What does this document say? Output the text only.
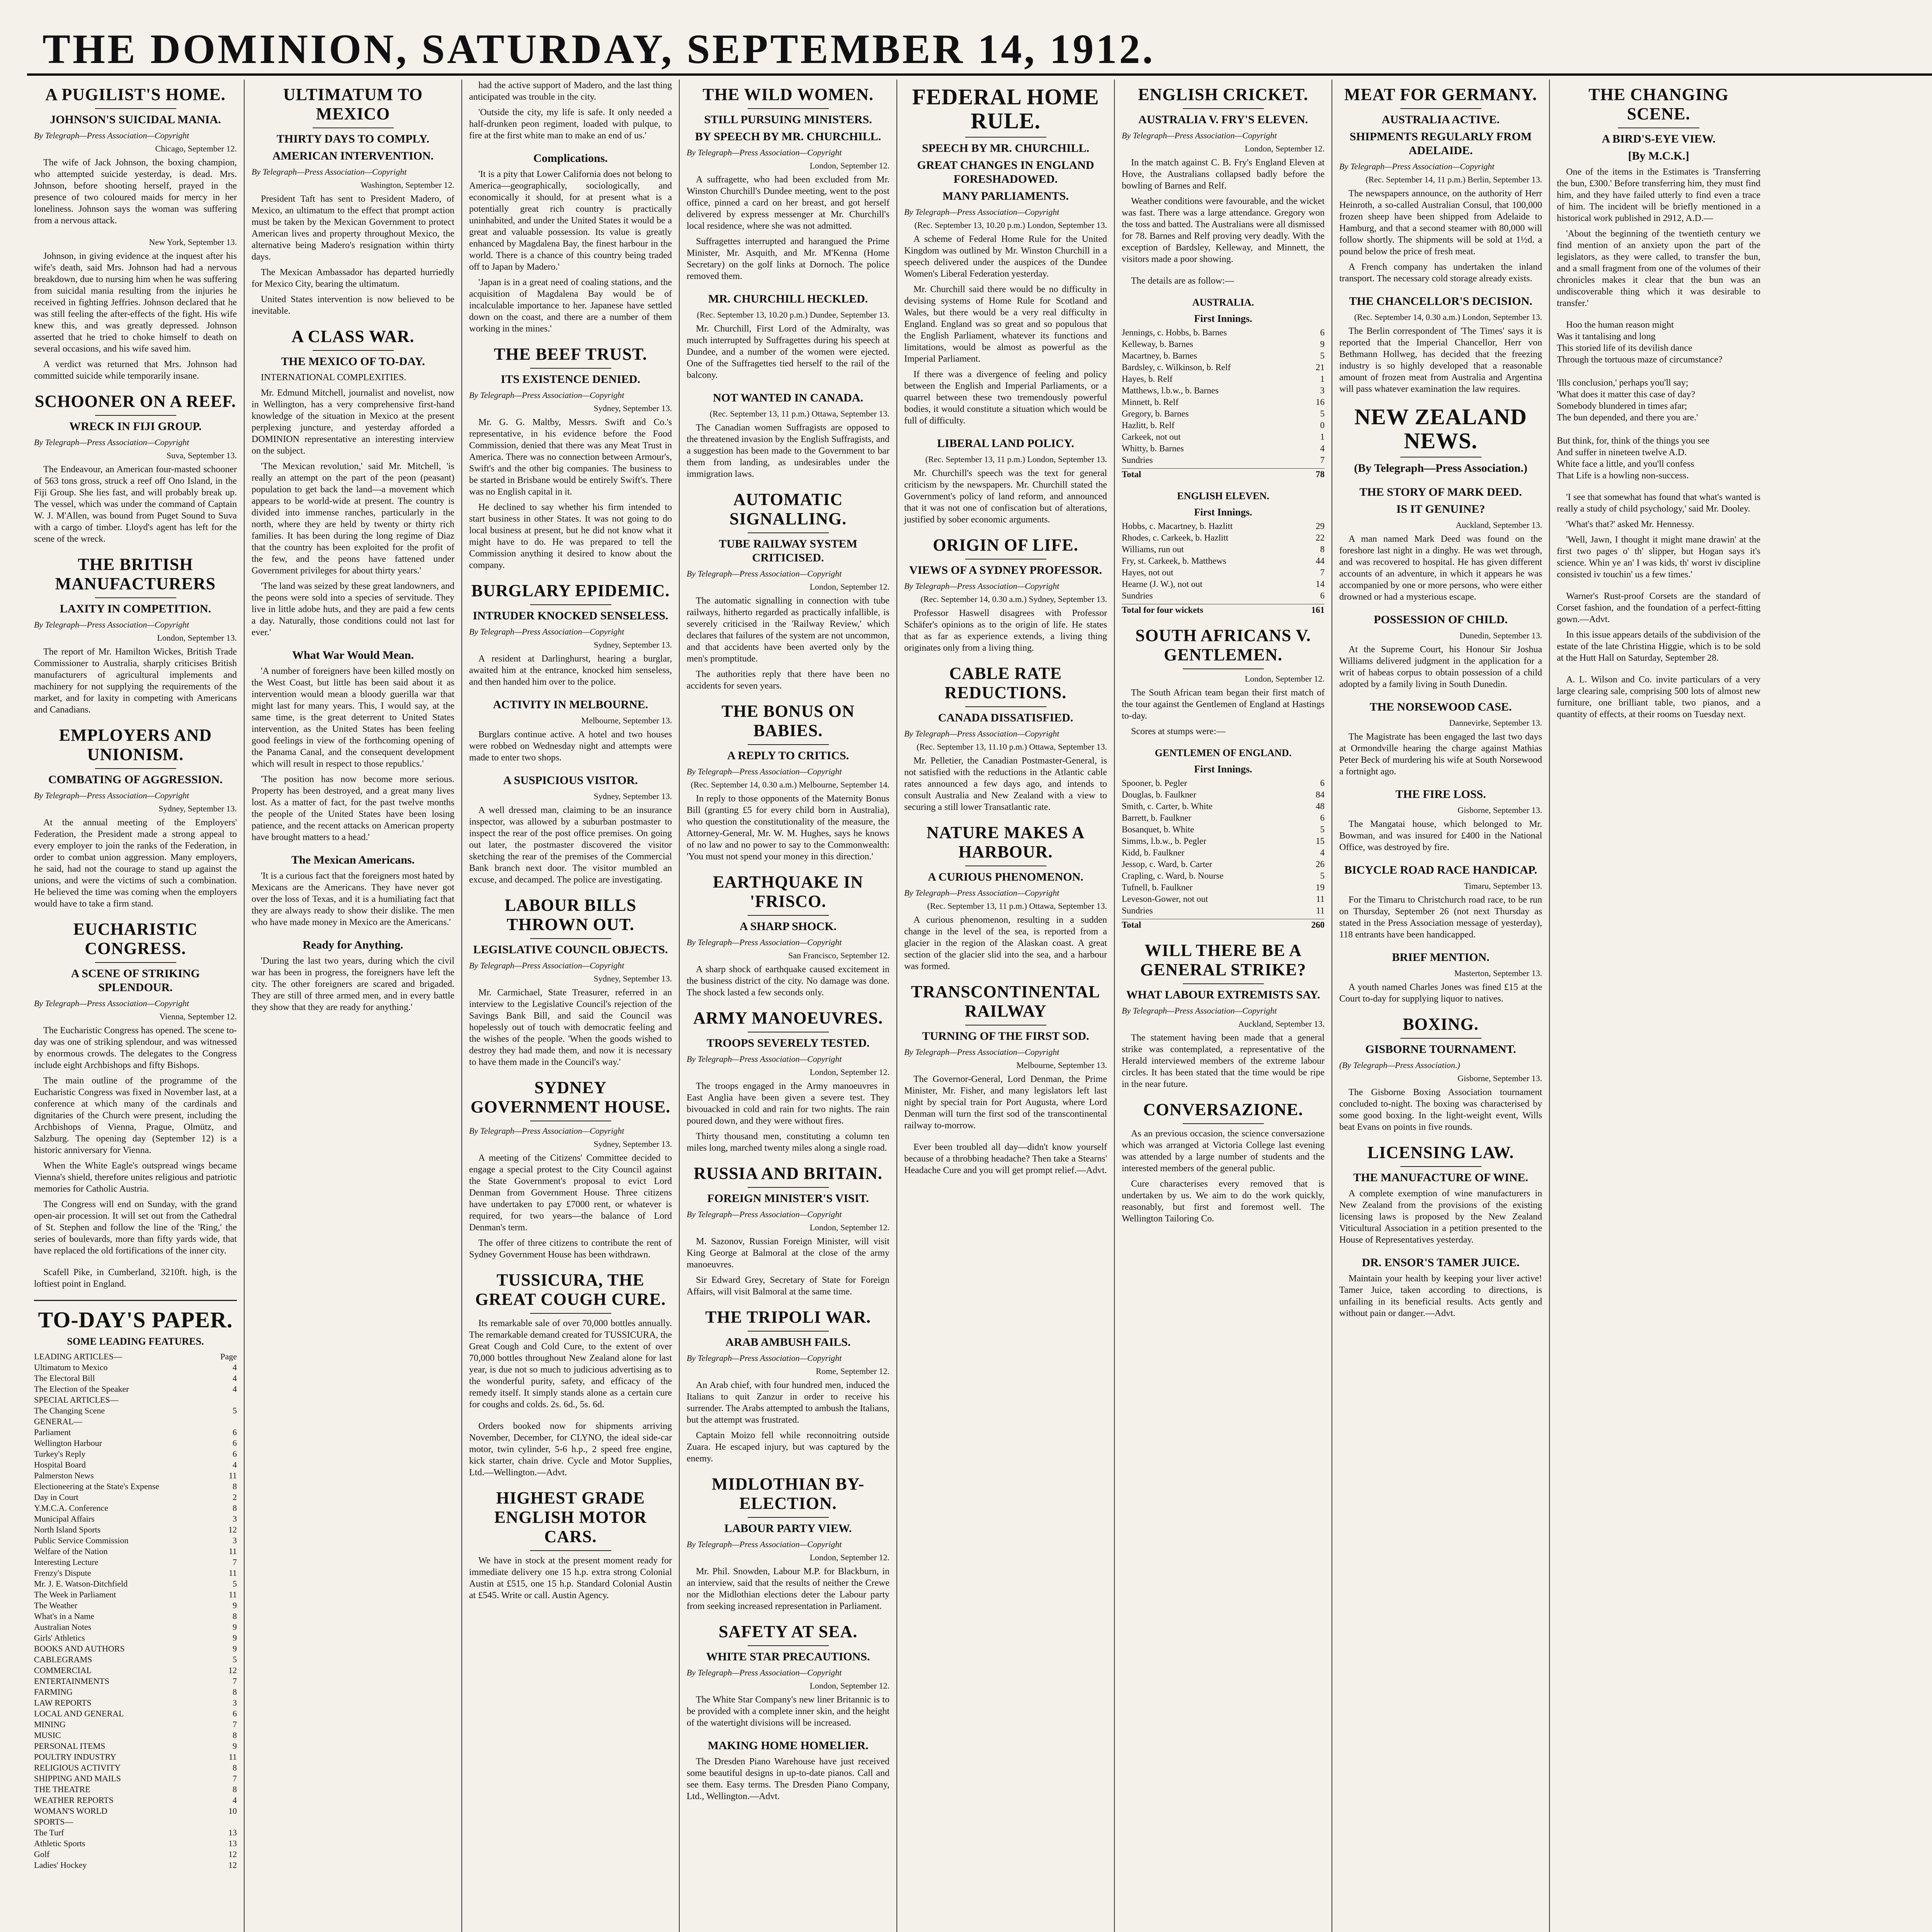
THE DOMINION, SATURDAY, SEPTEMBER 14, 1912.
A PUGILIST'S HOME.
JOHNSON'S SUICIDAL MANIA.
By Telegraph—Press Association—Copyright
Chicago, September 12.

The wife of Jack Johnson, the boxing champion, who attempted suicide yesterday, is dead. Mrs. Johnson, before shooting herself, prayed in the presence of two coloured maids for mercy in her loneliness. Johnson says the woman was suffering from a nervous attack.

New York, September 13.

Johnson, in giving evidence at the inquest after his wife's death, said Mrs. Johnson had had a nervous breakdown, due to nursing him when he was suffering from suicidal mania resulting from the injuries he received in fighting Jeffries. Johnson declared that he was still feeling the after-effects of the fight. His wife knew this, and was greatly depressed. Johnson asserted that he tried to choke himself to death on several occasions, and his wife saved him.

A verdict was returned that Mrs. Johnson had committed suicide while temporarily insane.

SCHOONER ON A REEF.
WRECK IN FIJI GROUP.
By Telegraph—Press Association—Copyright
Suva, September 13.

The Endeavour, an American four-masted schooner of 563 tons gross, struck a reef off Ono Island, in the Fiji Group. She lies fast, and will probably break up. The vessel, which was under the command of Captain W. J. M'Allen, was bound from Puget Sound to Suva with a cargo of timber. Lloyd's agent has left for the scene of the wreck.

THE BRITISH MANUFACTURERS
LAXITY IN COMPETITION.
By Telegraph—Press Association—Copyright
London, September 13.

The report of Mr. Hamilton Wickes, British Trade Commissioner to Australia, sharply criticises British manufacturers of agricultural implements and machinery for not supplying the requirements of the market, and for laxity in competing with Americans and Canadians.

EMPLOYERS AND UNIONISM.
COMBATING OF AGGRESSION.
By Telegraph—Press Association—Copyright
Sydney, September 13.

At the annual meeting of the Employers' Federation, the President made a strong appeal to every employer to join the ranks of the Federation, in order to combat union aggression. Many employers, he said, had not the courage to stand up against the unions, and were the victims of such a combination. He believed the time was coming when the employers would have to take a firm stand.

EUCHARISTIC CONGRESS.
A SCENE OF STRIKING SPLENDOUR.
By Telegraph—Press Association—Copyright
Vienna, September 12.

The Eucharistic Congress has opened. The scene to-day was one of striking splendour, and was witnessed by enormous crowds. The delegates to the Congress include eight Archbishops and fifty Bishops.

The main outline of the programme of the Eucharistic Congress was fixed in November last, at a conference at which many of the cardinals and dignitaries of the Church were present, including the Archbishops of Vienna, Prague, Olmütz, and Salzburg. The opening day (September 12) is a historic anniversary for Vienna.

When the White Eagle's outspread wings became Vienna's shield, therefore unites religious and patriotic memories for Catholic Austria.

The Congress will end on Sunday, with the grand open-air procession. It will set out from the Cathedral of St. Stephen and follow the line of the 'Ring,' the series of boulevards, more than fifty yards wide, that have replaced the old fortifications of the inner city.

Scafell Pike, in Cumberland, 3210ft. high, is the loftiest point in England.

TO-DAY'S PAPER.
SOME LEADING FEATURES.
LEADING ARTICLES—	Page
Ultimatum to Mexico	4
The Electoral Bill	4
The Election of the Speaker	4
SPECIAL ARTICLES—
The Changing Scene	5
GENERAL—
Parliament	6
Wellington Harbour	6
Turkey's Reply	6
Hospital Board	4
Palmerston News	11
Electioneering at the State's Expense	8
Day in Court	2
Y.M.C.A. Conference	8
Municipal Affairs	3
North Island Sports	12
Public Service Commission	3
Welfare of the Nation	11
Interesting Lecture	7
Frenzy's Dispute	11
Mr. J. E. Watson-Ditchfield	5
The Week in Parliament	11
The Weather	9
What's in a Name	8
Australian Notes	9
Girls' Athletics	9
BOOKS AND AUTHORS	9
CABLEGRAMS	5
COMMERCIAL	12
ENTERTAINMENTS	7
FARMING	8
LAW REPORTS	3
LOCAL AND GENERAL	6
MINING	7
MUSIC	8
PERSONAL ITEMS	9
POULTRY INDUSTRY	11
RELIGIOUS ACTIVITY	8
SHIPPING AND MAILS	7
THE THEATRE	8
WEATHER REPORTS	4
WOMAN'S WORLD	10
SPORTS—
The Turf	13
Athletic Sports	13
Golf	12
Ladies' Hockey	12
ULTIMATUM TO MEXICO
THIRTY DAYS TO COMPLY.
AMERICAN INTERVENTION.
By Telegraph—Press Association—Copyright
Washington, September 12.

President Taft has sent to President Madero, of Mexico, an ultimatum to the effect that prompt action must be taken by the Mexican Government to protect American lives and property throughout Mexico, the alternative being Madero's resignation within thirty days.

The Mexican Ambassador has departed hurriedly for Mexico City, bearing the ultimatum.

United States intervention is now believed to be inevitable.

A CLASS WAR.
THE MEXICO OF TO-DAY.

INTERNATIONAL COMPLEXITIES.

Mr. Edmund Mitchell, journalist and novelist, now in Wellington, has a very comprehensive first-hand knowledge of the situation in Mexico at the present perplexing juncture, and yesterday afforded a DOMINION representative an interesting interview on the subject.

'The Mexican revolution,' said Mr. Mitchell, 'is really an attempt on the part of the peon (peasant) population to get back the land—a movement which appears to be world-wide at present. The country is divided into immense ranches, particularly in the north, where they are held by twenty or thirty rich families. It has been during the long regime of Diaz that the country has been exploited for the profit of the few, and the peons have fattened under Government privileges for about thirty years.'

'The land was seized by these great landowners, and the peons were sold into a species of servitude. They live in little adobe huts, and they are paid a few cents a day. Naturally, those conditions could not last for ever.'

What War Would Mean.

'A number of foreigners have been killed mostly on the West Coast, but little has been said about it as intervention would mean a bloody guerilla war that might last for many years. This, I would say, at the same time, is the great deterrent to United States intervention, as the United States has been feeling good feelings in view of the forthcoming opening of the Panama Canal, and the consequent development which will result in respect to those republics.'

'The position has now become more serious. Property has been destroyed, and a great many lives lost. As a matter of fact, for the past twelve months the people of the United States have been losing patience, and the recent attacks on American property have brought matters to a head.'

The Mexican Americans.

'It is a curious fact that the foreigners most hated by Mexicans are the Americans. They have never got over the loss of Texas, and it is a humiliating fact that they are always ready to show their dislike. The men who have made money in Mexico are the Americans.'

Ready for Anything.

'During the last two years, during which the civil war has been in progress, the foreigners have left the city. The other foreigners are scared and brigaded. They are still of three armed men, and in every battle they show that they are ready for anything.'

had the active support of Madero, and the last thing anticipated was trouble in the city.

'Outside the city, my life is safe. It only needed a half-drunken peon regiment, loaded with pulque, to fire at the first white man to make an end of us.'

Complications.

'It is a pity that Lower California does not belong to America—geographically, sociologically, and economically it should, for at present what is a potentially great rich country is practically uninhabited, and under the United States it would be a great and valuable possession. Its value is greatly enhanced by Magdalena Bay, the finest harbour in the world. There is a chance of this country being traded off to Japan by Madero.'

'Japan is in a great need of coaling stations, and the acquisition of Magdalena Bay would be of incalculable importance to her. Japanese have settled down on the coast, and there are a number of them working in the mines.'

THE BEEF TRUST.
ITS EXISTENCE DENIED.
By Telegraph—Press Association—Copyright
Sydney, September 13.

Mr. G. G. Maltby, Messrs. Swift and Co.'s representative, in his evidence before the Food Commission, denied that there was any Meat Trust in America. There was no connection between Armour's, Swift's and the other big companies. The business to be started in Brisbane would be entirely Swift's. There was no English capital in it.

He declined to say whether his firm intended to start business in other States. It was not going to do local business at present, but he did not know what it might have to do. He was prepared to tell the Commission anything it desired to know about the company.

BURGLARY EPIDEMIC.
INTRUDER KNOCKED SENSELESS.
By Telegraph—Press Association—Copyright
Sydney, September 13.

A resident at Darlinghurst, hearing a burglar, awaited him at the entrance, knocked him senseless, and then handed him over to the police.

ACTIVITY IN MELBOURNE.
Melbourne, September 13.

Burglars continue active. A hotel and two houses were robbed on Wednesday night and attempts were made to enter two shops.

A SUSPICIOUS VISITOR.
Sydney, September 13.

A well dressed man, claiming to be an insurance inspector, was allowed by a suburban postmaster to inspect the rear of the post office premises. On going out later, the postmaster discovered the visitor sketching the rear of the premises of the Commercial Bank branch next door. The visitor mumbled an excuse, and decamped. The police are investigating.

LABOUR BILLS THROWN OUT.
LEGISLATIVE COUNCIL OBJECTS.
By Telegraph—Press Association—Copyright
Sydney, September 13.

Mr. Carmichael, State Treasurer, referred in an interview to the Legislative Council's rejection of the Savings Bank Bill, and said the Council was hopelessly out of touch with democratic feeling and the wishes of the people. 'When the goods wished to destroy they had made them, and now it is necessary to have them made in the Council's way.'

SYDNEY GOVERNMENT HOUSE.
By Telegraph—Press Association—Copyright
Sydney, September 13.

A meeting of the Citizens' Committee decided to engage a special protest to the City Council against the State Government's proposal to evict Lord Denman from Government House. Three citizens have undertaken to pay £7000 rent, or whatever is required, for two years—the balance of Lord Denman's term.

The offer of three citizens to contribute the rent of Sydney Government House has been withdrawn.

TUSSICURA, THE GREAT COUGH CURE.

Its remarkable sale of over 70,000 bottles annually. The remarkable demand created for TUSSICURA, the Great Cough and Cold Cure, to the extent of over 70,000 bottles throughout New Zealand alone for last year, is due not so much to judicious advertising as to the wonderful purity, safety, and efficacy of the remedy itself. It simply stands alone as a certain cure for coughs and colds. 2s. 6d., 5s. 6d.

Orders booked now for shipments arriving November, December, for CLYNO, the ideal side-car motor, twin cylinder, 5-6 h.p., 2 speed free engine, kick starter, chain drive. Cycle and Motor Supplies, Ltd.—Wellington.—Advt.

HIGHEST GRADE ENGLISH MOTOR CARS.

We have in stock at the present moment ready for immediate delivery one 15 h.p. extra strong Colonial Austin at £515, one 15 h.p. Standard Colonial Austin at £545. Write or call. Austin Agency.

THE WILD WOMEN.
STILL PURSUING MINISTERS.
BY SPEECH BY MR. CHURCHILL.
By Telegraph—Press Association—Copyright
London, September 12.

A suffragette, who had been excluded from Mr. Winston Churchill's Dundee meeting, went to the post office, pinned a card on her breast, and got herself delivered by express messenger at Mr. Churchill's local residence, where she was not admitted.

Suffragettes interrupted and harangued the Prime Minister, Mr. Asquith, and Mr. M'Kenna (Home Secretary) on the golf links at Dornoch. The police removed them.

MR. CHURCHILL HECKLED.
(Rec. September 13, 10.20 p.m.) Dundee, September 13.

Mr. Churchill, First Lord of the Admiralty, was much interrupted by Suffragettes during his speech at Dundee, and a number of the women were ejected. One of the Suffragettes tied herself to the rail of the balcony.

NOT WANTED IN CANADA.
(Rec. September 13, 11 p.m.) Ottawa, September 13.

The Canadian women Suffragists are opposed to the threatened invasion by the English Suffragists, and a suggestion has been made to the Government to bar them from landing, as undesirables under the immigration laws.

AUTOMATIC SIGNALLING.
TUBE RAILWAY SYSTEM CRITICISED.
By Telegraph—Press Association—Copyright
London, September 12.

The automatic signalling in connection with tube railways, hitherto regarded as practically infallible, is severely criticised in the 'Railway Review,' which declares that failures of the system are not uncommon, and that accidents have been averted only by the men's promptitude.

The authorities reply that there have been no accidents for seven years.

THE BONUS ON BABIES.
A REPLY TO CRITICS.
By Telegraph—Press Association—Copyright
(Rec. September 14, 0.30 a.m.) Melbourne, September 14.

In reply to those opponents of the Maternity Bonus Bill (granting £5 for every child born in Australia), who question the constitutionality of the measure, the Attorney-General, Mr. W. M. Hughes, says he knows of no law and no power to say to the Commonwealth: 'You must not spend your money in this direction.'

EARTHQUAKE IN 'FRISCO.
A SHARP SHOCK.
By Telegraph—Press Association—Copyright
San Francisco, September 12.

A sharp shock of earthquake caused excitement in the business district of the city. No damage was done. The shock lasted a few seconds only.

ARMY MANOEUVRES.
TROOPS SEVERELY TESTED.
By Telegraph—Press Association—Copyright
London, September 12.

The troops engaged in the Army manoeuvres in East Anglia have been given a severe test. They bivouacked in cold and rain for two nights. The rain poured down, and they were without fires.

Thirty thousand men, constituting a column ten miles long, marched twenty miles along a single road.

RUSSIA AND BRITAIN.
FOREIGN MINISTER'S VISIT.
By Telegraph—Press Association—Copyright
London, September 12.

M. Sazonov, Russian Foreign Minister, will visit King George at Balmoral at the close of the army manoeuvres.

Sir Edward Grey, Secretary of State for Foreign Affairs, will visit Balmoral at the same time.

THE TRIPOLI WAR.
ARAB AMBUSH FAILS.
By Telegraph—Press Association—Copyright
Rome, September 12.

An Arab chief, with four hundred men, induced the Italians to quit Zanzur in order to receive his surrender. The Arabs attempted to ambush the Italians, but the attempt was frustrated.

Captain Moizo fell while reconnoitring outside Zuara. He escaped injury, but was captured by the enemy.

MIDLOTHIAN BY-ELECTION.
LABOUR PARTY VIEW.
By Telegraph—Press Association—Copyright
London, September 12.

Mr. Phil. Snowden, Labour M.P. for Blackburn, in an interview, said that the results of neither the Crewe nor the Midlothian elections deter the Labour party from seeking increased representation in Parliament.

SAFETY AT SEA.
WHITE STAR PRECAUTIONS.
By Telegraph—Press Association—Copyright
London, September 12.

The White Star Company's new liner Britannic is to be provided with a complete inner skin, and the height of the watertight divisions will be increased.

MAKING HOME HOMELIER.

The Dresden Piano Warehouse have just received some beautiful designs in up-to-date pianos. Call and see them. Easy terms. The Dresden Piano Company, Ltd., Wellington.—Advt.

FEDERAL HOME RULE.
SPEECH BY MR. CHURCHILL.
GREAT CHANGES IN ENGLAND FORESHADOWED.
MANY PARLIAMENTS.
By Telegraph—Press Association—Copyright
(Rec. September 13, 10.20 p.m.) London, September 13.

A scheme of Federal Home Rule for the United Kingdom was outlined by Mr. Winston Churchill in a speech delivered under the auspices of the Dundee Women's Liberal Federation yesterday.

Mr. Churchill said there would be no difficulty in devising systems of Home Rule for Scotland and Wales, but there would be a very real difficulty in England. England was so great and so populous that the English Parliament, whatever its functions and limitations, would be almost as powerful as the Imperial Parliament.

If there was a divergence of feeling and policy between the English and Imperial Parliaments, or a quarrel between these two tremendously powerful bodies, it would constitute a situation which would be full of difficulty.

LIBERAL LAND POLICY.
(Rec. September 13, 11 p.m.) London, September 13.

Mr. Churchill's speech was the text for general criticism by the newspapers. Mr. Churchill stated the Government's policy of land reform, and announced that it was not one of confiscation but of alterations, justified by sober economic arguments.

ORIGIN OF LIFE.
VIEWS OF A SYDNEY PROFESSOR.
By Telegraph—Press Association—Copyright
(Rec. September 14, 0.30 a.m.) Sydney, September 13.

Professor Haswell disagrees with Professor Schäfer's opinions as to the origin of life. He states that as far as experience extends, a living thing originates only from a living thing.

CABLE RATE REDUCTIONS.
CANADA DISSATISFIED.
By Telegraph—Press Association—Copyright
(Rec. September 13, 11.10 p.m.) Ottawa, September 13.

Mr. Pelletier, the Canadian Postmaster-General, is not satisfied with the reductions in the Atlantic cable rates announced a few days ago, and intends to consult Australia and New Zealand with a view to securing a still lower Transatlantic rate.

NATURE MAKES A HARBOUR.
A CURIOUS PHENOMENON.
By Telegraph—Press Association—Copyright
(Rec. September 13, 11 p.m.) Ottawa, September 13.

A curious phenomenon, resulting in a sudden change in the level of the sea, is reported from a glacier in the region of the Alaskan coast. A great section of the glacier slid into the sea, and a harbour was formed.

TRANSCONTINENTAL RAILWAY
TURNING OF THE FIRST SOD.
By Telegraph—Press Association—Copyright
Melbourne, September 13.

The Governor-General, Lord Denman, the Prime Minister, Mr. Fisher, and many legislators left last night by special train for Port Augusta, where Lord Denman will turn the first sod of the transcontinental railway to-morrow.

Ever been troubled all day—didn't know yourself because of a throbbing headache? Then take a Stearns' Headache Cure and you will get prompt relief.—Advt.

ENGLISH CRICKET.
AUSTRALIA V. FRY'S ELEVEN.
By Telegraph—Press Association—Copyright
London, September 12.

In the match against C. B. Fry's England Eleven at Hove, the Australians collapsed badly before the bowling of Barnes and Relf.

Weather conditions were favourable, and the wicket was fast. There was a large attendance. Gregory won the toss and batted. The Australians were all dismissed for 78. Barnes and Relf proving very deadly. With the exception of Bardsley, Kelleway, and Minnett, the visitors made a poor showing.

The details are as follow:—

AUSTRALIA.
First Innings.
Jennings, c. Hobbs, b. Barnes	6
Kelleway, b. Barnes	9
Macartney, b. Barnes	5
Bardsley, c. Wilkinson, b. Relf	21
Hayes, b. Relf	1
Matthews, l.b.w., b. Barnes	3
Minnett, b. Relf	16
Gregory, b. Barnes	5
Hazlitt, b. Relf	0
Carkeek, not out	1
Whitty, b. Barnes	4
Sundries	7
Total	78
ENGLISH ELEVEN.
First Innings.
Hobbs, c. Macartney, b. Hazlitt	29
Rhodes, c. Carkeek, b. Hazlitt	22
Williams, run out	8
Fry, st. Carkeek, b. Matthews	44
Hayes, not out	7
Hearne (J. W.), not out	14
Sundries	6
Total for four wickets	161
SOUTH AFRICANS V. GENTLEMEN.
London, September 12.

The South African team began their first match of the tour against the Gentlemen of England at Hastings to-day.

Scores at stumps were:—

GENTLEMEN OF ENGLAND.
First Innings.
Spooner, b. Pegler	6
Douglas, b. Faulkner	84
Smith, c. Carter, b. White	48
Barrett, b. Faulkner	6
Bosanquet, b. White	5
Simms, l.b.w., b. Pegler	15
Kidd, b. Faulkner	4
Jessop, c. Ward, b. Carter	26
Crapling, c. Ward, b. Nourse	5
Tufnell, b. Faulkner	19
Leveson-Gower, not out	11
Sundries	11
Total	260
WILL THERE BE A GENERAL STRIKE?
WHAT LABOUR EXTREMISTS SAY.
By Telegraph—Press Association—Copyright
Auckland, September 13.

The statement having been made that a general strike was contemplated, a representative of the Herald interviewed members of the extreme labour circles. It has been stated that the time would be ripe in the near future.

CONVERSAZIONE.

As an previous occasion, the science conversazione which was arranged at Victoria College last evening was attended by a large number of students and the interested members of the general public.

Cure characterises every removed that is undertaken by us. We aim to do the work quickly, reasonably, but first and foremost well. The Wellington Tailoring Co.

MEAT FOR GERMANY.
AUSTRALIA ACTIVE.
SHIPMENTS REGULARLY FROM ADELAIDE.
By Telegraph—Press Association—Copyright
(Rec. September 14, 11 p.m.) Berlin, September 13.

The newspapers announce, on the authority of Herr Heinroth, a so-called Australian Consul, that 100,000 frozen sheep have been shipped from Adelaide to Hamburg, and that a second steamer with 80,000 will follow shortly. The shipments will be sold at 1½d. a pound below the price of fresh meat.

A French company has undertaken the inland transport. The necessary cold storage already exists.

THE CHANCELLOR'S DECISION.
(Rec. September 14, 0.30 a.m.) London, September 13.

The Berlin correspondent of 'The Times' says it is reported that the Imperial Chancellor, Herr von Bethmann Hollweg, has decided that the freezing industry is so highly developed that a reasonable amount of frozen meat from Australia and Argentina will pass whatever examination the law requires.

NEW ZEALAND NEWS.
(By Telegraph—Press Association.)
THE STORY OF MARK DEED.
IS IT GENUINE?
Auckland, September 13.

A man named Mark Deed was found on the foreshore last night in a dinghy. He was wet through, and was recovered to hospital. He has given different accounts of an adventure, in which it appears he was accompanied by one or more persons, who were either drowned or had a mysterious escape.

POSSESSION OF CHILD.
Dunedin, September 13.

At the Supreme Court, his Honour Sir Joshua Williams delivered judgment in the application for a writ of habeas corpus to obtain possession of a child adopted by a family living in South Dunedin.

THE NORSEWOOD CASE.
Dannevirke, September 13.

The Magistrate has been engaged the last two days at Ormondville hearing the charge against Mathias Peter Beck of murdering his wife at South Norsewood a fortnight ago.

THE FIRE LOSS.
Gisborne, September 13.

The Mangatai house, which belonged to Mr. Bowman, and was insured for £400 in the National Office, was destroyed by fire.

BICYCLE ROAD RACE HANDICAP.
Timaru, September 13.

For the Timaru to Christchurch road race, to be run on Thursday, September 26 (not next Thursday as stated in the Press Association message of yesterday), 118 entrants have been handicapped.

BRIEF MENTION.
Masterton, September 13.

A youth named Charles Jones was fined £15 at the Court to-day for supplying liquor to natives.

BOXING.
GISBORNE TOURNAMENT.
(By Telegraph—Press Association.)
Gisborne, September 13.

The Gisborne Boxing Association tournament concluded to-night. The boxing was characterised by some good boxing. In the light-weight event, Wills beat Evans on points in five rounds.

LICENSING LAW.
THE MANUFACTURE OF WINE.

A complete exemption of wine manufacturers in New Zealand from the provisions of the existing licensing laws is proposed by the New Zealand Viticultural Association in a petition presented to the House of Representatives yesterday.

DR. ENSOR'S TAMER JUICE.

Maintain your health by keeping your liver active! Tamer Juice, taken according to directions, is unfailing in its beneficial results. Acts gently and without pain or danger.—Advt.

THE CHANGING SCENE.
A BIRD'S-EYE VIEW.
[By M.C.K.]

One of the items in the Estimates is 'Transferring the bun, £300.' Before transferring him, they must find him, and they have failed utterly to find even a trace of him. The incident will be briefly mentioned in a historical work published in 2912, A.D.—

'About the beginning of the twentieth century we find mention of an anxiety upon the part of the legislators, as they were called, to transfer the bun, and a small fragment from one of the volumes of their chronicles makes it clear that the bun was an undiscoverable thing which it was desirable to transfer.'

Hoo the human reason might
Was it tantalising and long
This storied life of its devilish dance
Through the tortuous maze of circumstance?

'Ills conclusion,' perhaps you'll say;
'What does it matter this case of day?
Somebody blundered in times afar;
The bun depended, and there you are.'

But think, for, think of the things you see
And suffer in nineteen twelve A.D.
White face a little, and you'll confess
That Life is a howling non-success.

'I see that somewhat has found that what's wanted is really a study of child psychology,' said Mr. Dooley.

'What's that?' asked Mr. Hennessy.

'Well, Jawn, I thought it might mane drawin' at the first two pages o' th' slipper, but Hogan says it's science. Whin ye an' I was kids, th' worst iv discipline consisted iv touchin' us a few times.'

Warner's Rust-proof Corsets are the standard of Corset fashion, and the foundation of a perfect-fitting gown.—Advt.

In this issue appears details of the subdivision of the estate of the late Christina Higgie, which is to be sold at the Hutt Hall on Saturday, September 28.

A. L. Wilson and Co. invite particulars of a very large clearing sale, comprising 500 lots of almost new furniture, one brilliant table, two pianos, and a quantity of effects, at their rooms on Tuesday next.
